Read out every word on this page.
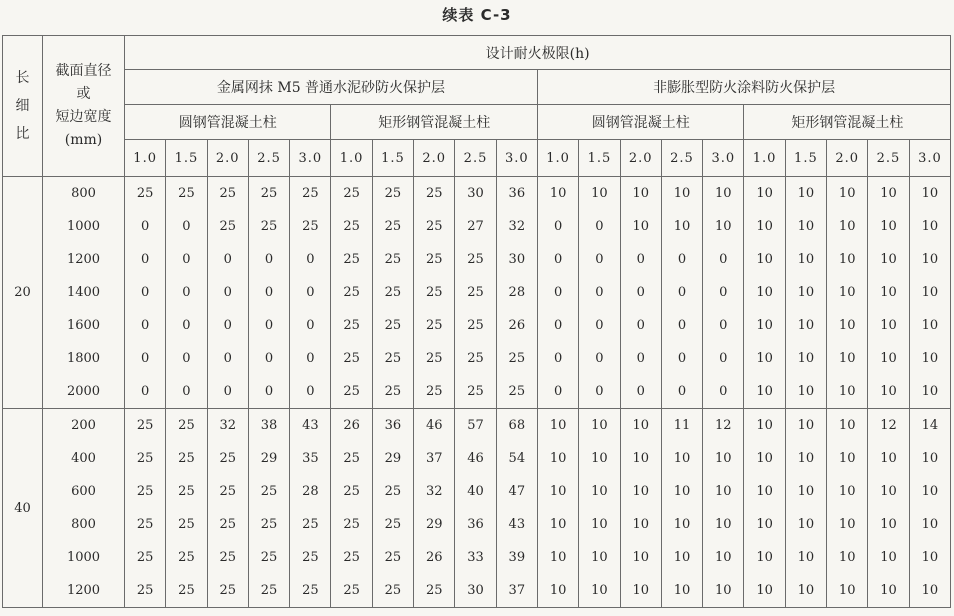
续表 C-3
长
细
比	截面直径
或
短边宽度
(mm)	设计耐火极限(h)																			
		金属网抹 M5 普通水泥砂防火保护层										非膨胀型防火涂料防火保护层									
		圆钢管混凝土柱					矩形钢管混凝土柱					圆钢管混凝土柱					矩形钢管混凝土柱				
		1.0	1.5	2.0	2.5	3.0	1.0	1.5	2.0	2.5	3.0	1.0	1.5	2.0	2.5	3.0	1.0	1.5	2.0	2.5	3.0
20	800	25	25	25	25	25	25	25	25	30	36	10	10	10	10	10	10	10	10	10	10
	1000	0	0	25	25	25	25	25	25	27	32	0	0	10	10	10	10	10	10	10	10
	1200	0	0	0	0	0	25	25	25	25	30	0	0	0	0	0	10	10	10	10	10
	1400	0	0	0	0	0	25	25	25	25	28	0	0	0	0	0	10	10	10	10	10
	1600	0	0	0	0	0	25	25	25	25	26	0	0	0	0	0	10	10	10	10	10
	1800	0	0	0	0	0	25	25	25	25	25	0	0	0	0	0	10	10	10	10	10
	2000	0	0	0	0	0	25	25	25	25	25	0	0	0	0	0	10	10	10	10	10
40	200	25	25	32	38	43	26	36	46	57	68	10	10	10	11	12	10	10	10	12	14
	400	25	25	25	29	35	25	29	37	46	54	10	10	10	10	10	10	10	10	10	10
	600	25	25	25	25	28	25	25	32	40	47	10	10	10	10	10	10	10	10	10	10
	800	25	25	25	25	25	25	25	29	36	43	10	10	10	10	10	10	10	10	10	10
	1000	25	25	25	25	25	25	25	26	33	39	10	10	10	10	10	10	10	10	10	10
	1200	25	25	25	25	25	25	25	25	30	37	10	10	10	10	10	10	10	10	10	10
